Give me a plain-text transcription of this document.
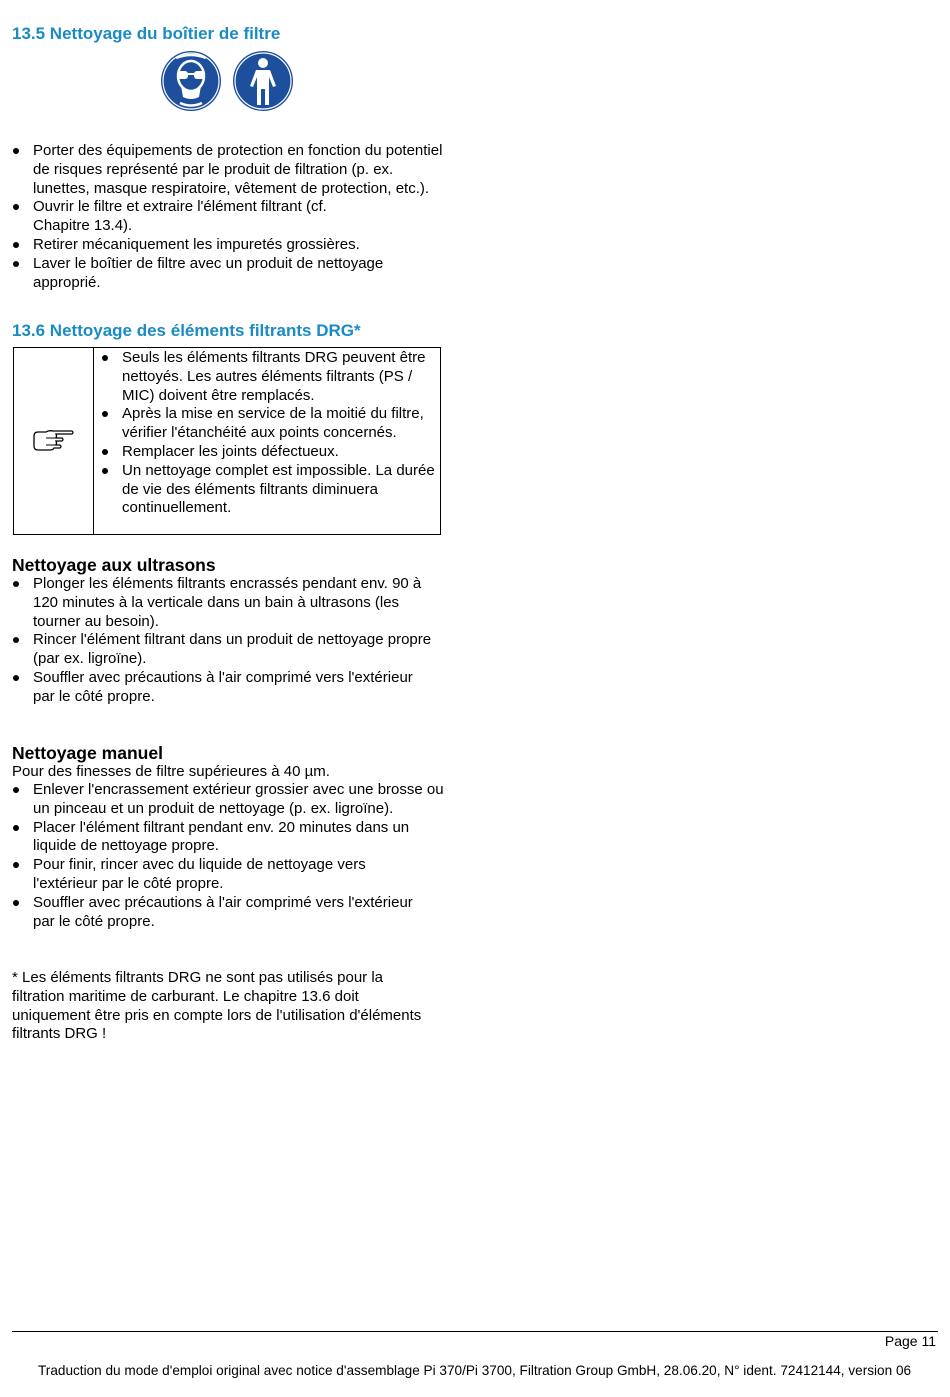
13.5 Nettoyage du boîtier de filtre
Porter des équipements de protection en fonction du potentiel de risques représenté par le produit de filtration (p. ex. lunettes, masque respiratoire, vêtement de protection, etc.).
Ouvrir le filtre et extraire l'élément filtrant (cf. Chapitre 13.4).
Retirer mécaniquement les impuretés grossières.
Laver le boîtier de filtre avec un produit de nettoyage approprié.
13.6 Nettoyage des éléments filtrants DRG*
Seuls les éléments filtrants DRG peuvent être nettoyés. Les autres éléments filtrants (PS / MIC) doivent être remplacés.
Après la mise en service de la moitié du filtre, vérifier l'étanchéité aux points concernés.
Remplacer les joints défectueux.
Un nettoyage complet est impossible. La durée de vie des éléments filtrants diminuera continuellement.
Nettoyage aux ultrasons
Plonger les éléments filtrants encrassés pendant env. 90 à 120 minutes à la verticale dans un bain à ultrasons (les tourner au besoin).
Rincer l'élément filtrant dans un produit de nettoyage propre (par ex. ligroïne).
Souffler avec précautions à l'air comprimé vers l'extérieur par le côté propre.
Nettoyage manuel

Pour des finesses de filtre supérieures à 40 µm.

Enlever l'encrassement extérieur grossier avec une brosse ou un pinceau et un produit de nettoyage (p. ex. ligroïne).
Placer l'élément filtrant pendant env. 20 minutes dans un liquide de nettoyage propre.
Pour finir, rincer avec du liquide de nettoyage vers l'extérieur par le côté propre.
Souffler avec précautions à l'air comprimé vers l'extérieur par le côté propre.

* Les éléments filtrants DRG ne sont pas utilisés pour la filtration maritime de carburant. Le chapitre 13.6 doit uniquement être pris en compte lors de l'utilisation d'éléments filtrants DRG !

Page 11
Traduction du mode d'emploi original avec notice d'assemblage Pi 370/Pi 3700, Filtration Group GmbH, 28.06.20, N° ident. 72412144, version 06
